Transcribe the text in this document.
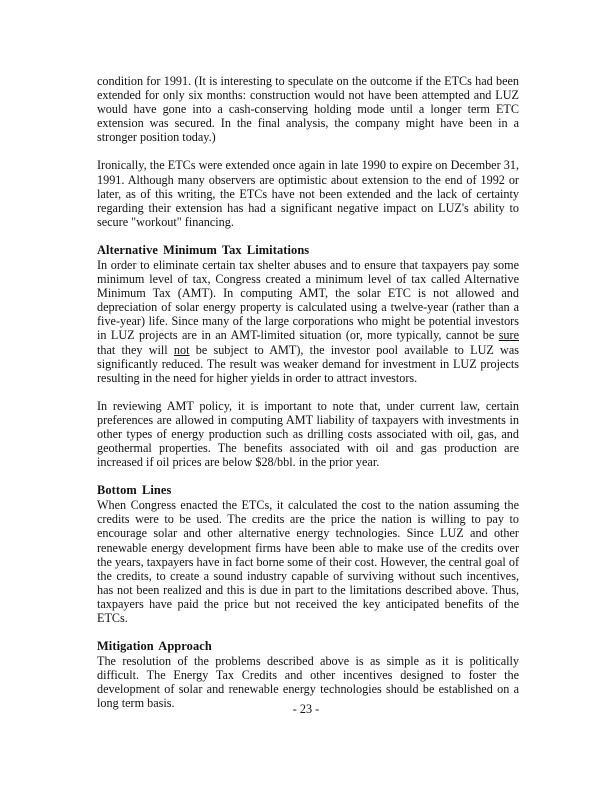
condition for 1991. (It is interesting to speculate on the outcome if the ETCs had been extended for only six months: construction would not have been attempted and LUZ would have gone into a cash-conserving holding mode until a longer term ETC extension was secured. In the final analysis, the company might have been in a stronger position today.)

Ironically, the ETCs were extended once again in late 1990 to expire on December 31, 1991. Although many observers are optimistic about extension to the end of 1992 or later, as of this writing, the ETCs have not been extended and the lack of certainty regarding their extension has had a significant negative impact on LUZ's ability to secure "workout" financing.

Alternative Minimum Tax Limitations

In order to eliminate certain tax shelter abuses and to ensure that taxpayers pay some minimum level of tax, Congress created a minimum level of tax called Alternative Minimum Tax (AMT). In computing AMT, the solar ETC is not allowed and depreciation of solar energy property is calculated using a twelve-year (rather than a five-year) life. Since many of the large corporations who might be potential investors in LUZ projects are in an AMT-limited situation (or, more typically, cannot be sure that they will not be subject to AMT), the investor pool available to LUZ was significantly reduced. The result was weaker demand for investment in LUZ projects resulting in the need for higher yields in order to attract investors.

In reviewing AMT policy, it is important to note that, under current law, certain preferences are allowed in computing AMT liability of taxpayers with investments in other types of energy production such as drilling costs associated with oil, gas, and geothermal properties. The benefits associated with oil and gas production are increased if oil prices are below $28/bbl. in the prior year.

Bottom Lines

When Congress enacted the ETCs, it calculated the cost to the nation assuming the credits were to be used. The credits are the price the nation is willing to pay to encourage solar and other alternative energy technologies. Since LUZ and other renewable energy development firms have been able to make use of the credits over the years, taxpayers have in fact borne some of their cost. However, the central goal of the credits, to create a sound industry capable of surviving without such incentives, has not been realized and this is due in part to the limitations described above. Thus, taxpayers have paid the price but not received the key anticipated benefits of the ETCs.

Mitigation Approach

The resolution of the problems described above is as simple as it is politically difficult. The Energy Tax Credits and other incentives designed to foster the development of solar and renewable energy technologies should be established on a long term basis.	- 23 -
